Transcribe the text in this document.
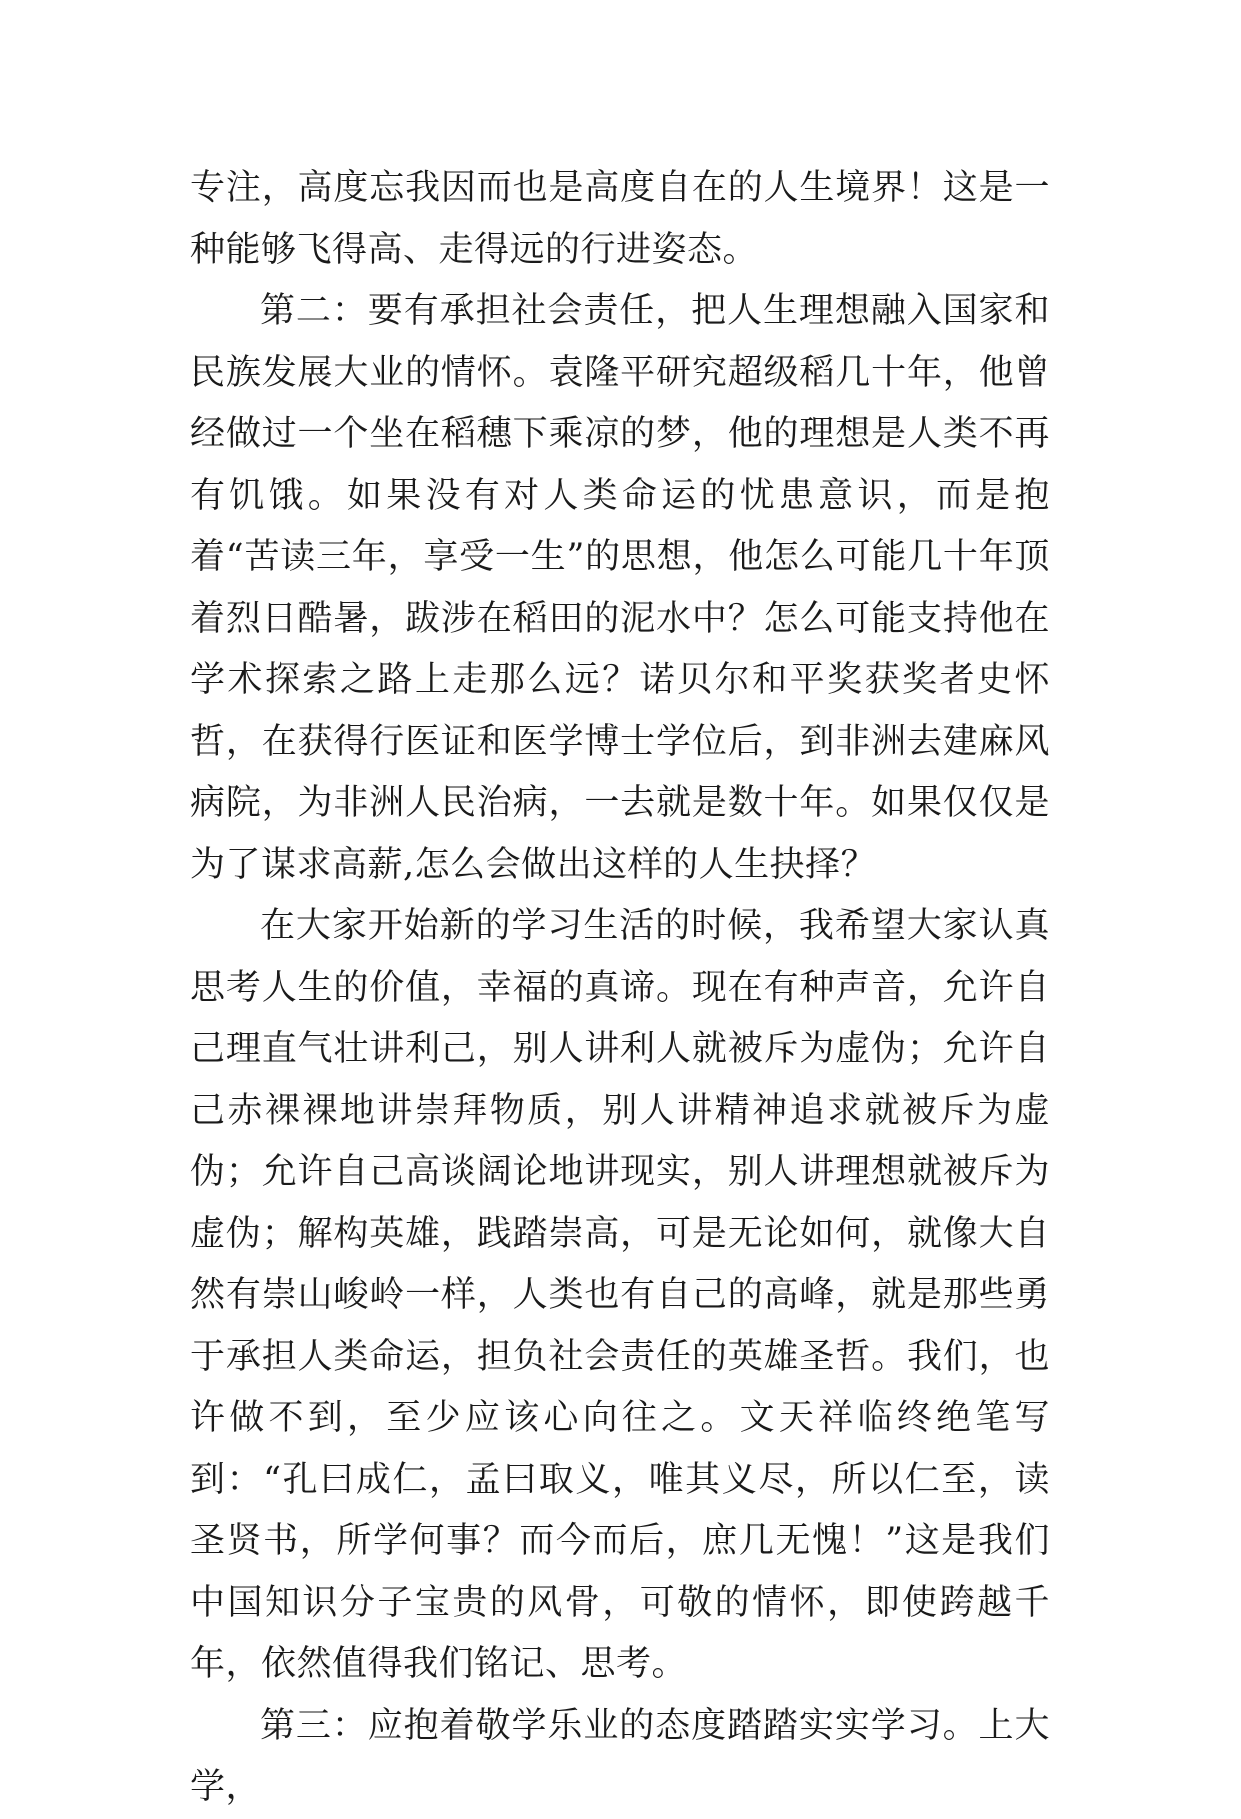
专注，高度忘我因而也是高度自在的人生境界！这是一种能够飞得高、走得远的行进姿态。

第二：要有承担社会责任，把人生理想融入国家和民族发展大业的情怀。袁隆平研究超级稻几十年，他曾经做过一个坐在稻穗下乘凉的梦，他的理想是人类不再有饥饿。如果没有对人类命运的忧患意识，而是抱着“苦读三年，享受一生”的思想，他怎么可能几十年顶着烈日酷暑，跋涉在稻田的泥水中？怎么可能支持他在学术探索之路上走那么远？诺贝尔和平奖获奖者史怀哲，在获得行医证和医学博士学位后，到非洲去建麻风病院，为非洲人民治病，一去就是数十年。如果仅仅是为了谋求高薪,怎么会做出这样的人生抉择？

在大家开始新的学习生活的时候，我希望大家认真思考人生的价值，幸福的真谛。现在有种声音，允许自己理直气壮讲利己，别人讲利人就被斥为虚伪；允许自己赤裸裸地讲崇拜物质，别人讲精神追求就被斥为虚伪；允许自己高谈阔论地讲现实，别人讲理想就被斥为虚伪；解构英雄，践踏崇高，可是无论如何，就像大自然有崇山峻岭一样，人类也有自己的高峰，就是那些勇于承担人类命运，担负社会责任的英雄圣哲。我们，也许做不到，至少应该心向往之。文天祥临终绝笔写到：“孔曰成仁，孟曰取义，唯其义尽，所以仁至，读圣贤书，所学何事？而今而后，庶几无愧！”这是我们中国知识分子宝贵的风骨，可敬的情怀，即使跨越千年，依然值得我们铭记、思考。

第三：应抱着敬学乐业的态度踏踏实实学习。上大学，
